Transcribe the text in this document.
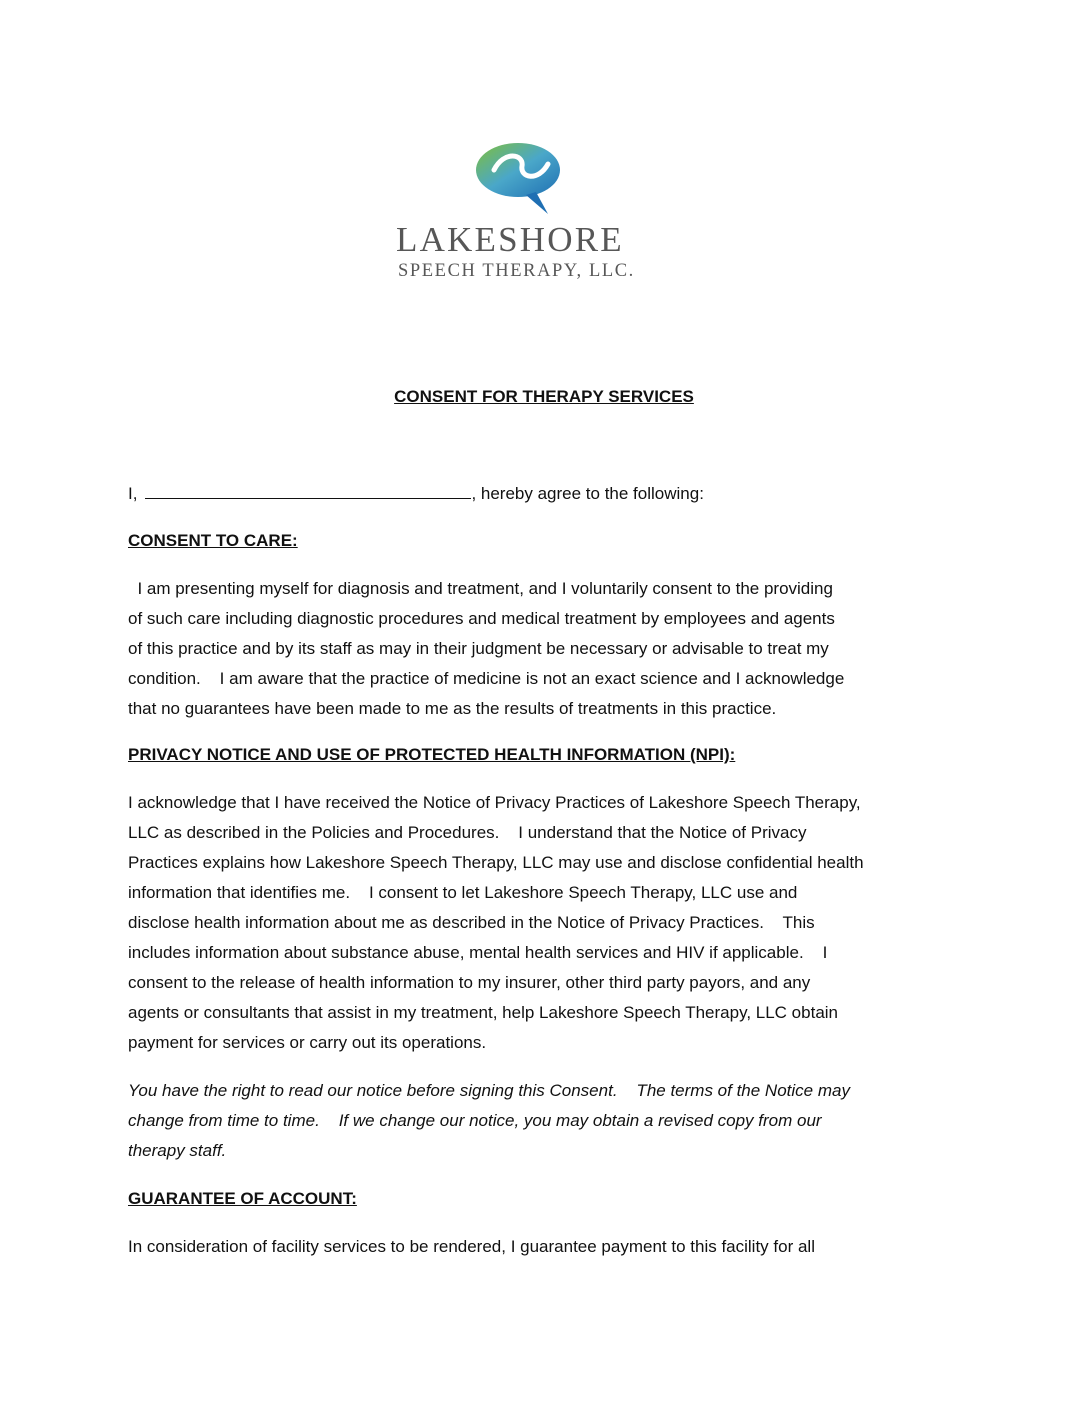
LAKESHORE
SPEECH THERAPY, LLC.
CONSENT FOR THERAPY SERVICES
I,	, hereby agree to the following:
CONSENT TO CARE:
I am presenting myself for diagnosis and treatment, and I voluntarily consent to the providing
of such care including diagnostic procedures and medical treatment by employees and agents
of this practice and by its staff as may in their judgment be necessary or advisable to treat my
condition.    I am aware that the practice of medicine is not an exact science and I acknowledge
that no guarantees have been made to me as the results of treatments in this practice.
PRIVACY NOTICE AND USE OF PROTECTED HEALTH INFORMATION (NPI):
I acknowledge that I have received the Notice of Privacy Practices of Lakeshore Speech Therapy,
LLC as described in the Policies and Procedures.    I understand that the Notice of Privacy
Practices explains how Lakeshore Speech Therapy, LLC may use and disclose confidential health
information that identifies me.    I consent to let Lakeshore Speech Therapy, LLC use and
disclose health information about me as described in the Notice of Privacy Practices.    This
includes information about substance abuse, mental health services and HIV if applicable.    I
consent to the release of health information to my insurer, other third party payors, and any
agents or consultants that assist in my treatment, help Lakeshore Speech Therapy, LLC obtain
payment for services or carry out its operations.
You have the right to read our notice before signing this Consent.    The terms of the Notice may
change from time to time.    If we change our notice, you may obtain a revised copy from our
therapy staff.
GUARANTEE OF ACCOUNT:
In consideration of facility services to be rendered, I guarantee payment to this facility for all
